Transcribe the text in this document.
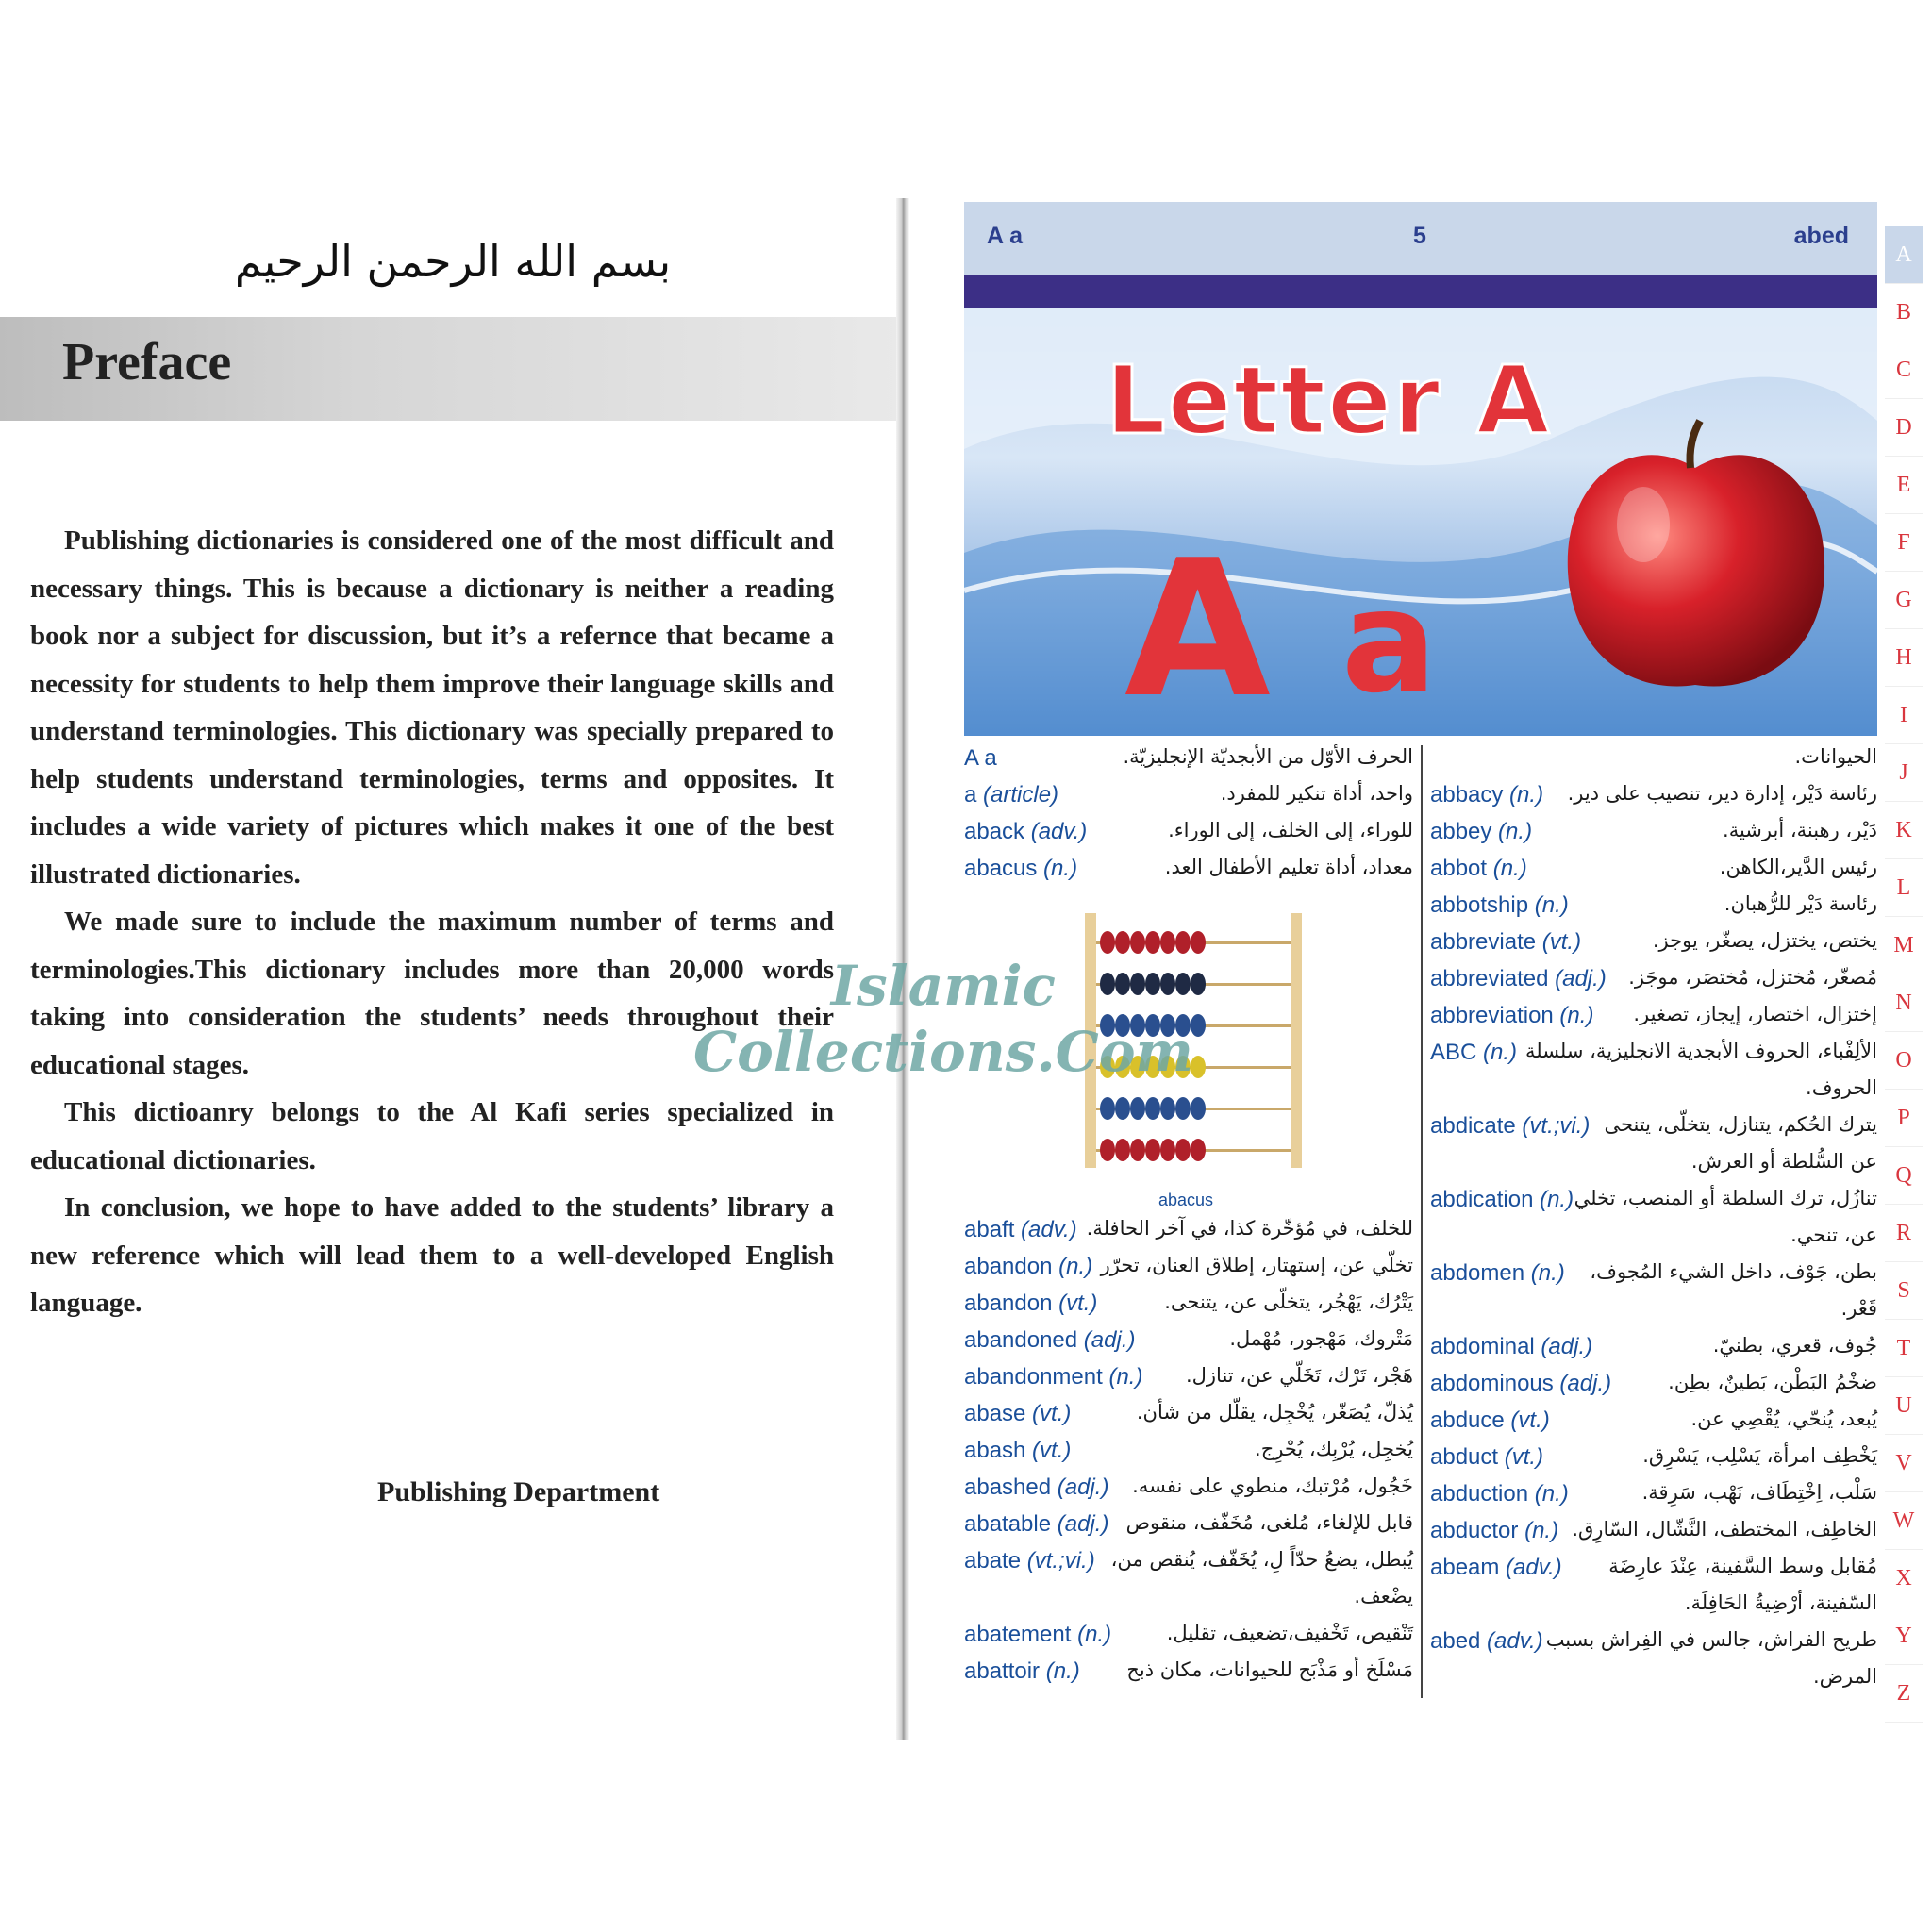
بسم الله الرحمن الرحيم
Preface

Publishing dictionaries is considered one of the most difficult and necessary things. This is because a dictionary is neither a reading book nor a subject for discussion, but it’s a refernce that became a necessity for students to help them improve their language skills and understand terminologies. This dictionary was specially prepared to help students understand terminologies, terms and opposites. It includes a wide variety of pictures which makes it one of the best illustrated dictionaries.

We made sure to include the maximum number of terms and terminologies.This dictionary includes more than 20,000 words taking into consideration the students’ needs throughout their educational stages.

This dictioanry belongs to the Al Kafi series specialized in educational dictionaries.

In conclusion, we hope to have added to the students’ library a new reference which will lead them to a well-developed English language.

Publishing Department
A a	5	abed
Letter A
A a
A a	الحرف الأوّل من الأبجديّة الإنجليزيّة.
a (article)	واحد، أداة تنكير للمفرد.
aback (adv.)	للوراء، إلى الخلف، إلى الوراء.
abacus (n.)	معداد، أداة تعليم الأطفال العد.
abacus
abaft (adv.) للخلف، في مُؤخّرة كذا، في آخر الحافلة.
abandon (n.) تخلّي عن، إستهتار، إطلاق العنان، تحرّر
abandon (vt.)	يَتْرُك، يَهْجُر، يتخلّى عن، يتنحى.
abandoned (adj.)	مَتْروك، مَهْجور، مُهْمل.
abandonment (n.) هَجْر، تَرْك، تَخَلّي عن، تنازل.
abase (vt.)	يُذلّ، يُصَغّر، يُخْجِل، يقلّل من شأن.
abash (vt.)	يُخجِل، يُرْبِك، يُحْرِج.
abashed (adj.) خَجُول، مُرْتبك، منطوي على نفسه.
abatable (adj.) قابل للإلغاء، مُلغى، مُخَفّف، منقوص
abate (vt.;vi.) يُبطل، يضعُ حدّاً لِ، يُخَفّف، يُنقص من،
يضْعف.
abatement (n.)	تَنْقيص، تَخْفيف،تضعيف، تقليل.
abattoir (n.) مَسْلَخ أو مَذْبَح للحيوانات، مكان ذبح
الحيوانات.
abbacy (n.) رئاسة دَيْر، إدارة دير، تنصيب على دير.
abbey (n.)	دَيْر، رهبنة، أبرشية.
abbot (n.)	رئيس الدَّير،الكاهن.
abbotship (n.)	رئاسة دَيْر للرُّهبان.
abbreviate (vt.)	يختص، يختزل، يصغّر، يوجز.
abbreviated (adj.) مُصغّر، مُختزل، مُختصَر، موجَز.
abbreviation (n.) إختزال، اختصار، إيجاز، تصغير.
ABC (n.) الألِفْباء، الحروف الأبجدية الانجليزية، سلسلة
الحروف.
abdicate (vt.;vi.) يترك الحُكم، يتنازل، يتخلّى، يتنحى
عن السُّلطة أو العرش.
abdication (n.) تنازُل، ترك السلطة أو المنصب، تخلي
عن، تنحي.
abdomen (n.) بطن، جَوْف، داخل الشيء المُجوف،
قَعْر.
abdominal (adj.)	جُوف، قعري، بطنيّ.
abdominous (adj.)	ضخْمُ البَطْن، بَطينٌ، بطِن.
abduce (vt.)	يُبعد، يُنحّي، يُقْصِي عن.
abduct (vt.)	يَخْطِف امرأة، يَسْلِب، يَسْرِق.
abduction (n.)	سَلْب، اِخْتِطَاف، نَهْب، سَرِقة.
abductor (n.) الخاطِف، المختطف، النَّشّال، السّارِق.
abeam (adv.) مُقابل وسط السَّفينة، عِنْدَ عارِضَة
السّفينة، أرْضِيةُ الحَافِلَة.
abed (adv.) طريح الفراش، جالس في الفِراش بسبب
المرض.
Islamic
Collections.Com
A
B
C
D
E
F
G
H
I
J
K
L
M
N
O
P
Q
R
S
T
U
V
W
X
Y
Z
